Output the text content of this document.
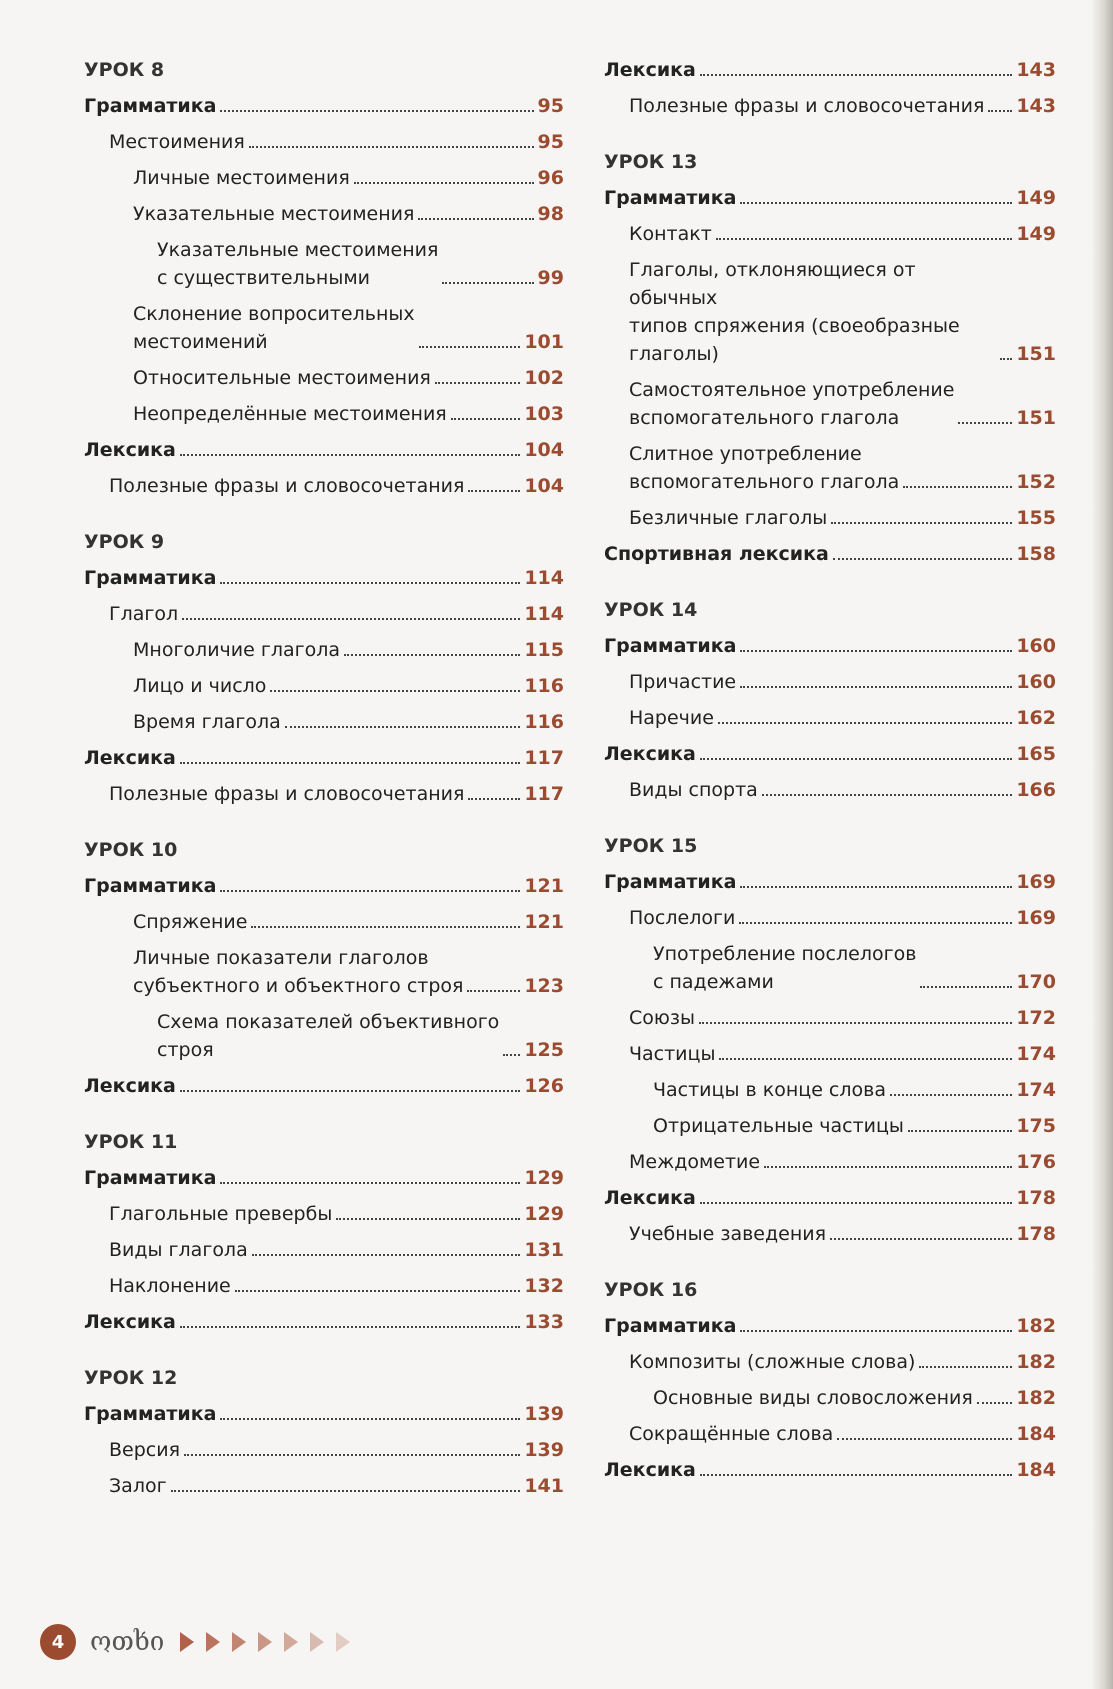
УРОК 8
Грамматика	95
Местоимения	95
Личные местоимения	96
Указательные местоимения	98
Указательные местоимения
с существительными	99
Склонение вопросительных
местоимений	101
Относительные местоимения	102
Неопределённые местоимения	103
Лексика	104
Полезные фразы и словосочетания	104
УРОК 9
Грамматика	114
Глагол	114
Многоличие глагола	115
Лицо и число	116
Время глагола	116
Лексика	117
Полезные фразы и словосочетания	117
УРОК 10
Грамматика	121
Спряжение	121
Личные показатели глаголов
субъектного и объектного строя	123
Схема показателей объективного
строя	125
Лексика	126
УРОК 11
Грамматика	129
Глагольные превербы	129
Виды глагола	131
Наклонение	132
Лексика	133
УРОК 12
Грамматика	139
Версия	139
Залог	141
Лексика	143
Полезные фразы и словосочетания 143
УРОК 13
Грамматика	149
Контакт	149
Глаголы, отклоняющиеся от обычных
типов спряжения (своеобразные
глаголы)	151
Самостоятельное употребление
вспомогательного глагола	151
Слитное употребление
вспомогательного глагола	152
Безличные глаголы	155
Спортивная лексика	158
УРОК 14
Грамматика	160
Причастие	160
Наречие	162
Лексика	165
Виды спорта	166
УРОК 15
Грамматика	169
Послелоги	169
Употребление послелогов
с падежами	170
Союзы	172
Частицы	174
Частицы в конце слова	174
Отрицательные частицы	175
Междометие	176
Лексика	178
Учебные заведения	178
УРОК 16
Грамматика	182
Композиты (сложные слова)	182
Основные виды словосложения 182
Сокращённые слова	184
Лексика	184
4 ოთხი
